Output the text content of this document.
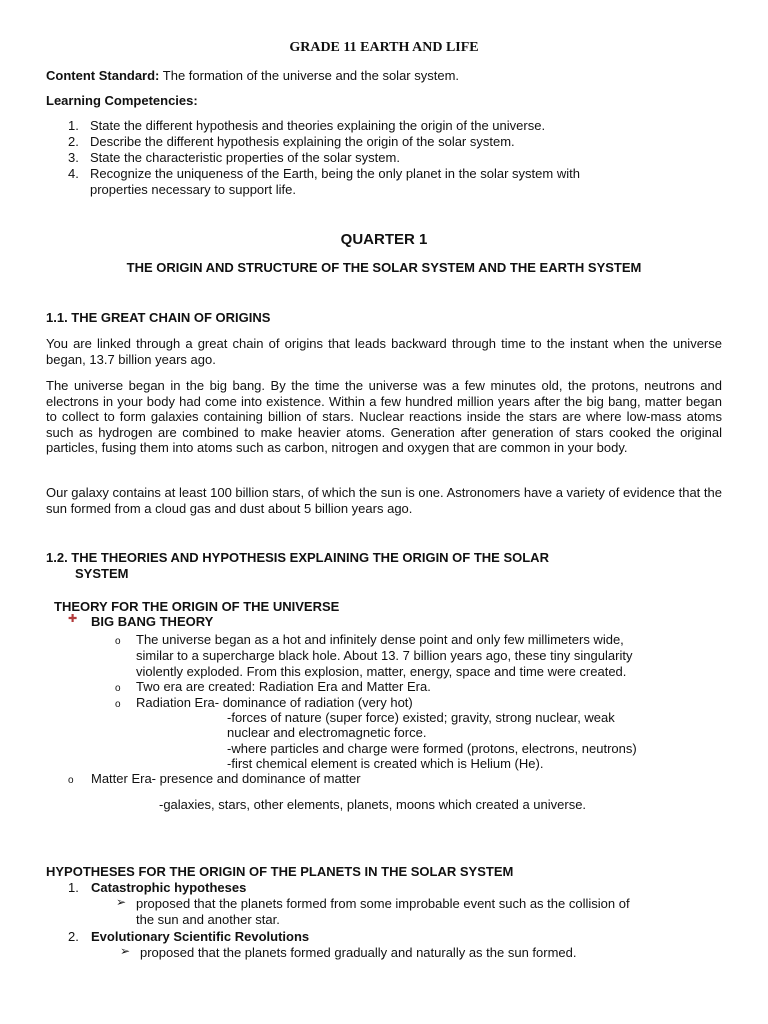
GRADE 11 EARTH AND LIFE
Content Standard: The formation of the universe and the solar system.
Learning Competencies:
1. State the different hypothesis and theories explaining the origin of the universe.
2. Describe the different hypothesis explaining the origin of the solar system.
3. State the characteristic properties of the solar system.
4. Recognize the uniqueness of the Earth, being the only planet in the solar system with
properties necessary to support life.
QUARTER 1
THE ORIGIN AND STRUCTURE OF THE SOLAR SYSTEM AND THE EARTH SYSTEM
1.1. THE GREAT CHAIN OF ORIGINS
You are linked through a great chain of origins that leads backward through time to the instant when the universe began, 13.7 billion years ago.
The universe began in the big bang. By the time the universe was a few minutes old, the protons, neutrons and electrons in your body had come into existence. Within a few hundred million years after the big bang, matter began to collect to form galaxies containing billion of stars. Nuclear reactions inside the stars are where low-mass atoms such as hydrogen are combined to make heavier atoms. Generation after generation of stars cooked the original particles, fusing them into atoms such as carbon, nitrogen and oxygen that are common in your body.
Our galaxy contains at least 100 billion stars, of which the sun is one. Astronomers have a variety of evidence that the sun formed from a cloud gas and dust about 5 billion years ago.
1.2. THE THEORIES AND HYPOTHESIS EXPLAINING THE ORIGIN OF THE SOLAR
SYSTEM
THEORY FOR THE ORIGIN OF THE UNIVERSE
✚ BIG BANG THEORY
o The universe began as a hot and infinitely dense point and only few millimeters wide,
similar to a supercharge black hole. About 13. 7 billion years ago, these tiny singularity
violently exploded. From this explosion, matter, energy, space and time were created.
o Two era are created: Radiation Era and Matter Era.
o Radiation Era- dominance of radiation (very hot)
-forces of nature (super force) existed; gravity, strong nuclear, weak
nuclear and electromagnetic force.
-where particles and charge were formed (protons, electrons, neutrons)
-first chemical element is created which is Helium (He).
o Matter Era- presence and dominance of matter
-galaxies, stars, other elements, planets, moons which created a universe.
HYPOTHESES FOR THE ORIGIN OF THE PLANETS IN THE SOLAR SYSTEM
1. Catastrophic hypotheses
➢ proposed that the planets formed from some improbable event such as the collision of
the sun and another star.
2. Evolutionary Scientific Revolutions
➢ proposed that the planets formed gradually and naturally as the sun formed.
